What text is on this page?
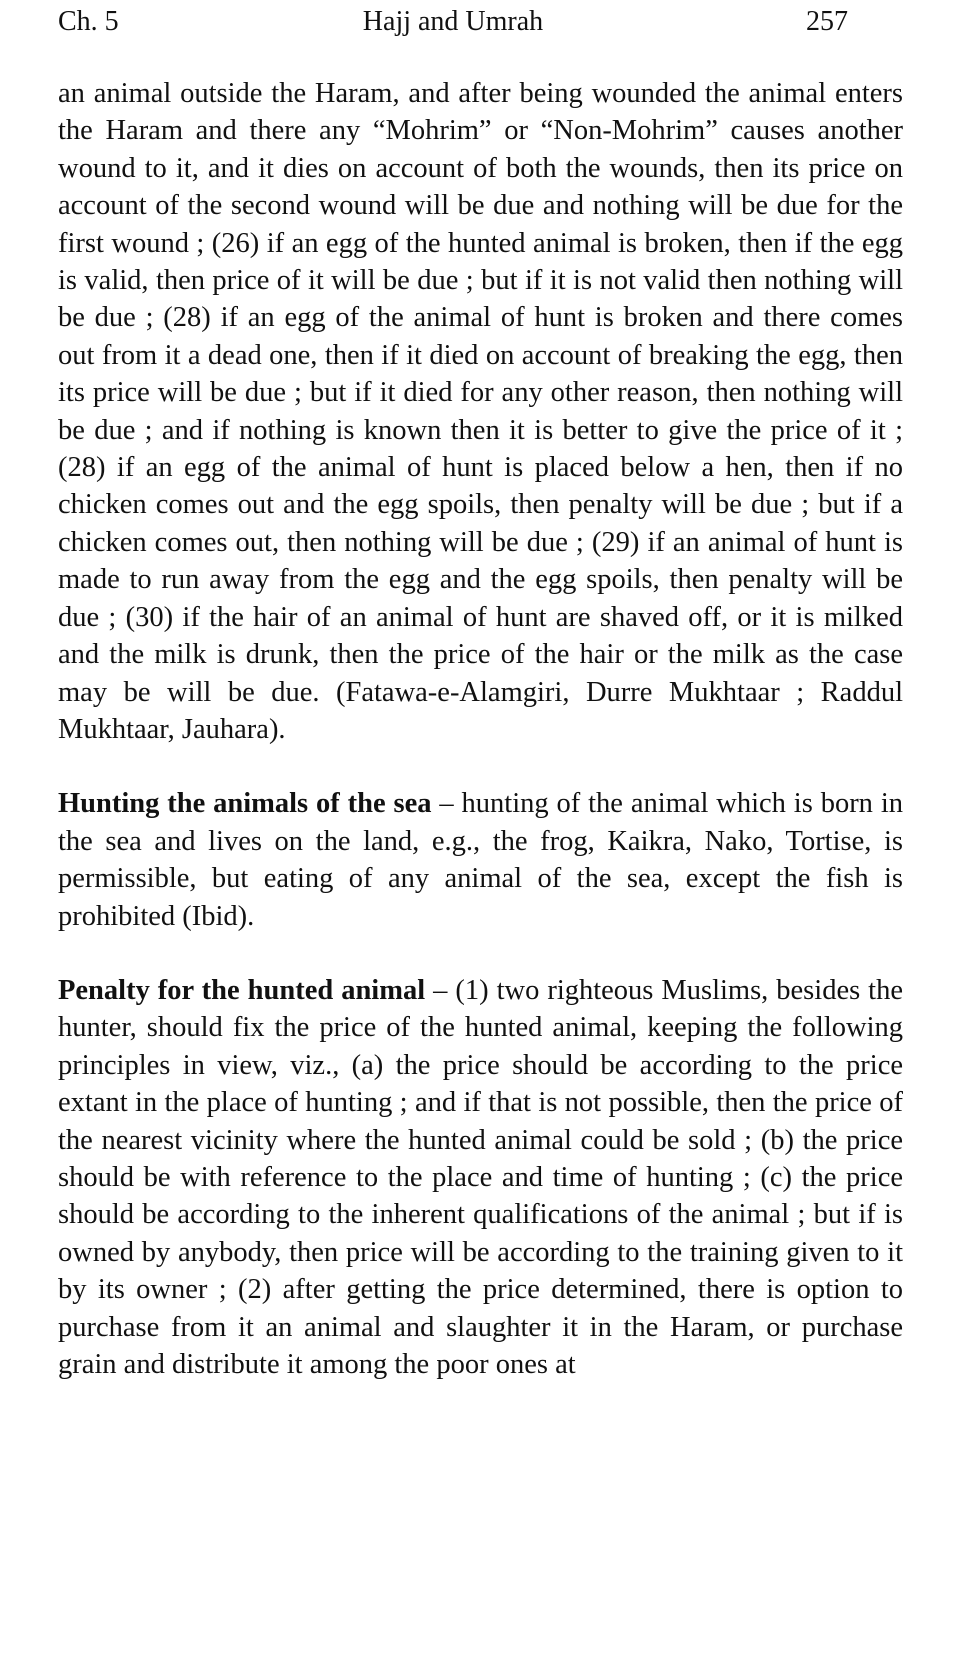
Ch. 5	Hajj and Umrah	257

an animal outside the Haram, and after being wounded the animal enters the Haram and there any “Mohrim” or “Non-Mohrim” causes another wound to it, and it dies on account of both the wounds, then its price on account of the second wound will be due and nothing will be due for the first wound ; (26) if an egg of the hunted animal is broken, then if the egg is valid, then price of it will be due ; but if it is not valid then nothing will be due ; (28) if an egg of the animal of hunt is broken and there comes out from it a dead one, then if it died on account of breaking the egg, then its price will be due ; but if it died for any other reason, then nothing will be due ; and if nothing is known then it is better to give the price of it ; (28) if an egg of the animal of hunt is placed below a hen, then if no chicken comes out and the egg spoils, then penalty will be due ; but if a chicken comes out, then nothing will be due ; (29) if an animal of hunt is made to run away from the egg and the egg spoils, then penalty will be due ; (30) if the hair of an animal of hunt are shaved off, or it is milked and the milk is drunk, then the price of the hair or the milk as the case may be will be due. (Fatawa-e-Alamgiri, Durre Mukhtaar ; Raddul Mukhtaar, Jauhara).

Hunting the animals of the sea – hunting of the animal which is born in the sea and lives on the land, e.g., the frog, Kaikra, Nako, Tortise, is permissible, but eating of any animal of the sea, except the fish is prohibited (Ibid).

Penalty for the hunted animal – (1) two righteous Muslims, besides the hunter, should fix the price of the hunted animal, keeping the following principles in view, viz., (a) the price should be according to the price extant in the place of hunting ; and if that is not possible, then the price of the nearest vicinity where the hunted animal could be sold ; (b) the price should be with reference to the place and time of hunting ; (c) the price should be according to the inherent qualifications of the animal ; but if is owned by anybody, then price will be according to the training given to it by its owner ; (2) after getting the price determined, there is option to purchase from it an animal and slaughter it in the Haram, or purchase grain and distribute it among the poor ones at
